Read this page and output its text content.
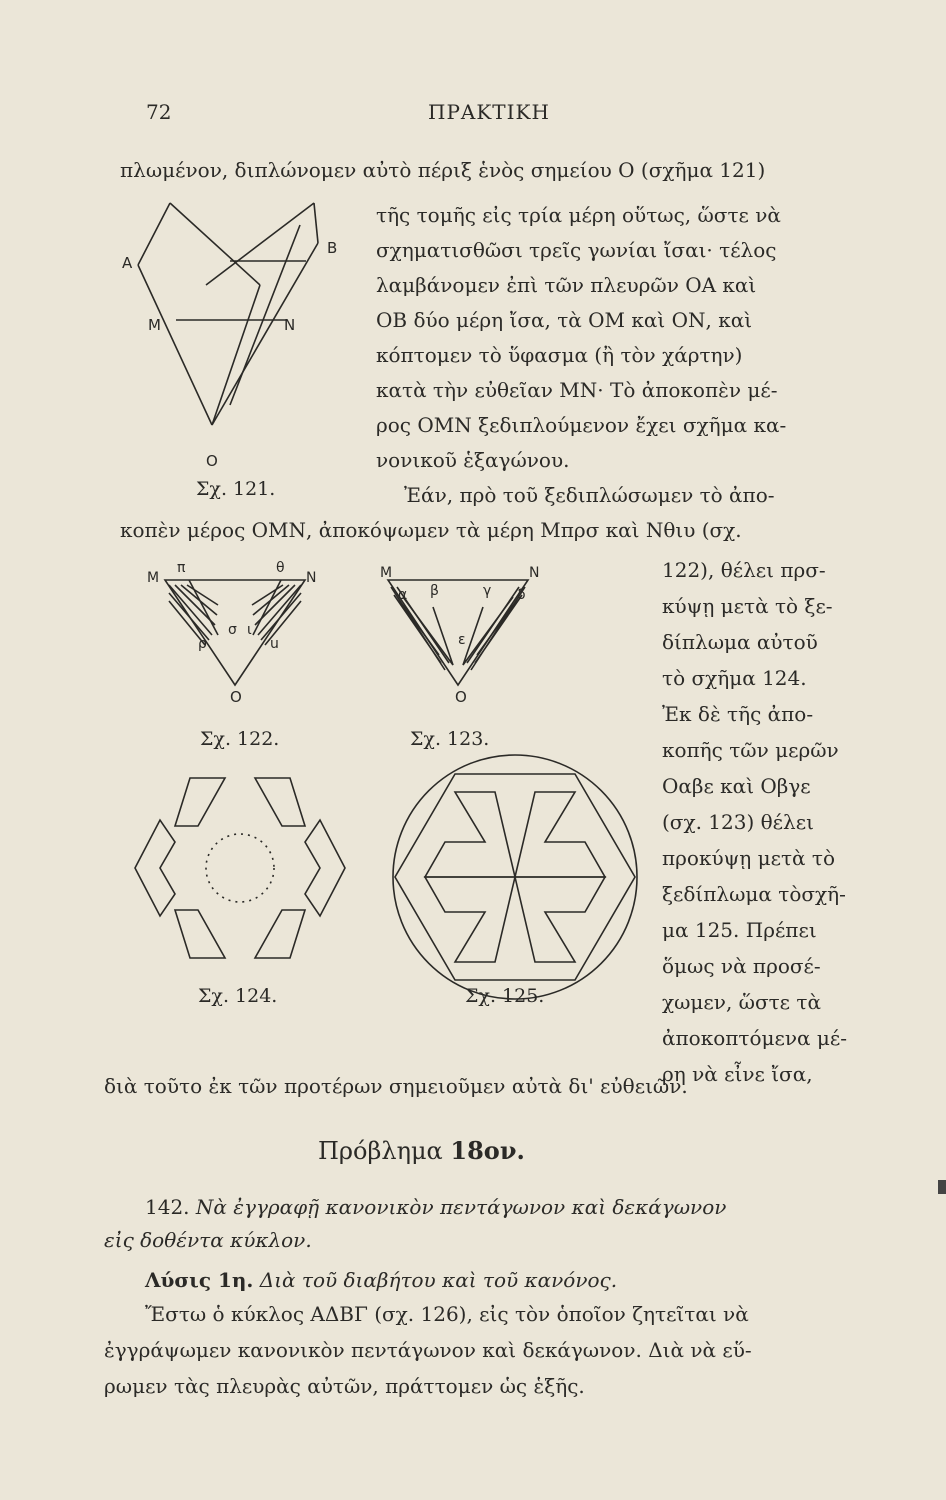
72	ΠΡΑΚΤΙΚΗ
πλωμένον, διπλώνομεν αὐτὸ πέριξ ἑνὸς σημείου Ο (σχῆμα 121)
τῆς τομῆς εἰς τρία μέρη οὕτως, ὥστε νὰ
σχηματισθῶσι τρεῖς γωνίαι ἴσαι· τέλος
λαμβάνομεν ἐπὶ τῶν πλευρῶν ΟΑ καὶ
ΟΒ δύο μέρη ἴσα, τὰ ΟΜ καὶ ΟΝ, καὶ
κόπτομεν τὸ ὕφασμα (ἢ τὸν χάρτην)
κατὰ τὴν εὐθεῖαν ΜΝ· Τὸ ἀποκοπὲν μέ-
ρος ΟΜΝ ξεδιπλούμενον ἔχει σχῆμα κα-
νονικοῦ ἑξαγώνου.
Ἐάν, πρὸ τοῦ ξεδιπλώσωμεν τὸ ἀπο-
κοπὲν μέρος ΟΜΝ, ἀποκόψωμεν τὰ μέρη Μπρσ καὶ Νθιυ (σχ.
122), θέλει πρσ-
κύψῃ μετὰ τὸ ξε-
δίπλωμα αὐτοῦ
τὸ σχῆμα 124.
Ἐκ δὲ τῆς ἀπο-
κοπῆς τῶν μερῶν
Οαβε καὶ Οβγε
(σχ. 123) θέλει
προκύψῃ μετὰ τὸ
ξεδίπλωμα τὸσχῆ-
μα 125. Πρέπει
ὅμως νὰ προσέ-
χωμεν, ὥστε τὰ
ἀποκοπτόμενα μέ-
ρη νὰ εἶνε ἴσα,
διὰ τοῦτο ἐκ τῶν προτέρων σημειοῦμεν αὐτὰ δι' εὐθειῶν.
A
B
M	N
O
Σχ. 121.
M
π	θ
N
ρ
σ ι
u
O
Σχ. 122.
M	N
α β	γ δ
ε
O
Σχ. 123.
Σχ. 124.	Σχ. 125.
Πρόβλημα 18ον.
142. Νὰ ἐγγραφῇ κανονικὸν πεντάγωνον καὶ δεκάγωνον
εἰς δοθέντα κύκλον.
Λύσις 1η. Διὰ τοῦ διαβήτου καὶ τοῦ κανόνος.
Ἔστω ὁ κύκλος ΑΔΒΓ (σχ. 126), εἰς τὸν ὁποῖον ζητεῖται νὰ
ἐγγράψωμεν κανονικὸν πεντάγωνον καὶ δεκάγωνον. Διὰ νὰ εὕ-
ρωμεν τὰς πλευρὰς αὐτῶν, πράττομεν ὡς ἑξῆς.
